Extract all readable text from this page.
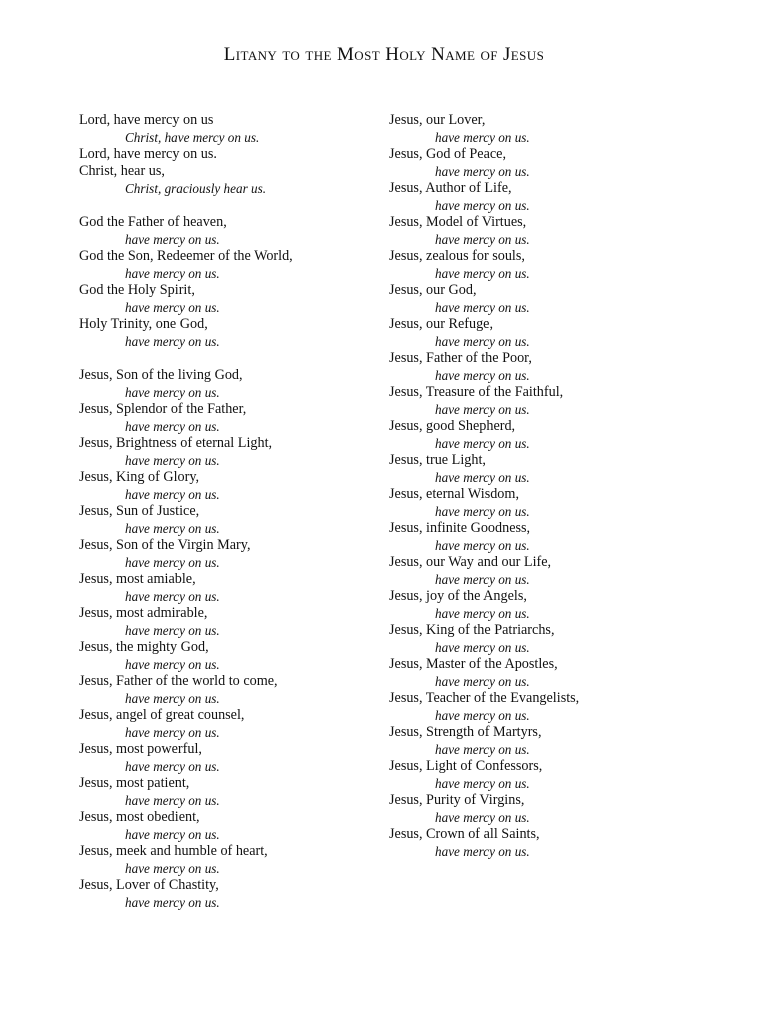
Litany to the Most Holy Name of Jesus
Lord, have mercy on us
Christ, have mercy on us.
Lord, have mercy on us.
Christ, hear us,
Christ, graciously hear us.
God the Father of heaven,
have mercy on us.
God the Son, Redeemer of the World,
have mercy on us.
God the Holy Spirit,
have mercy on us.
Holy Trinity, one God,
have mercy on us.
Jesus, Son of the living God,
have mercy on us.
Jesus, Splendor of the Father,
have mercy on us.
Jesus, Brightness of eternal Light,
have mercy on us.
Jesus, King of Glory,
have mercy on us.
Jesus, Sun of Justice,
have mercy on us.
Jesus, Son of the Virgin Mary,
have mercy on us.
Jesus, most amiable,
have mercy on us.
Jesus, most admirable,
have mercy on us.
Jesus, the mighty God,
have mercy on us.
Jesus, Father of the world to come,
have mercy on us.
Jesus, angel of great counsel,
have mercy on us.
Jesus, most powerful,
have mercy on us.
Jesus, most patient,
have mercy on us.
Jesus, most obedient,
have mercy on us.
Jesus, meek and humble of heart,
have mercy on us.
Jesus, Lover of Chastity,
have mercy on us.
Jesus, our Lover,
have mercy on us.
Jesus, God of Peace,
have mercy on us.
Jesus, Author of Life,
have mercy on us.
Jesus, Model of Virtues,
have mercy on us.
Jesus, zealous for souls,
have mercy on us.
Jesus, our God,
have mercy on us.
Jesus, our Refuge,
have mercy on us.
Jesus, Father of the Poor,
have mercy on us.
Jesus, Treasure of the Faithful,
have mercy on us.
Jesus, good Shepherd,
have mercy on us.
Jesus, true Light,
have mercy on us.
Jesus, eternal Wisdom,
have mercy on us.
Jesus, infinite Goodness,
have mercy on us.
Jesus, our Way and our Life,
have mercy on us.
Jesus, joy of the Angels,
have mercy on us.
Jesus, King of the Patriarchs,
have mercy on us.
Jesus, Master of the Apostles,
have mercy on us.
Jesus, Teacher of the Evangelists,
have mercy on us.
Jesus, Strength of Martyrs,
have mercy on us.
Jesus, Light of Confessors,
have mercy on us.
Jesus, Purity of Virgins,
have mercy on us.
Jesus, Crown of all Saints,
have mercy on us.
